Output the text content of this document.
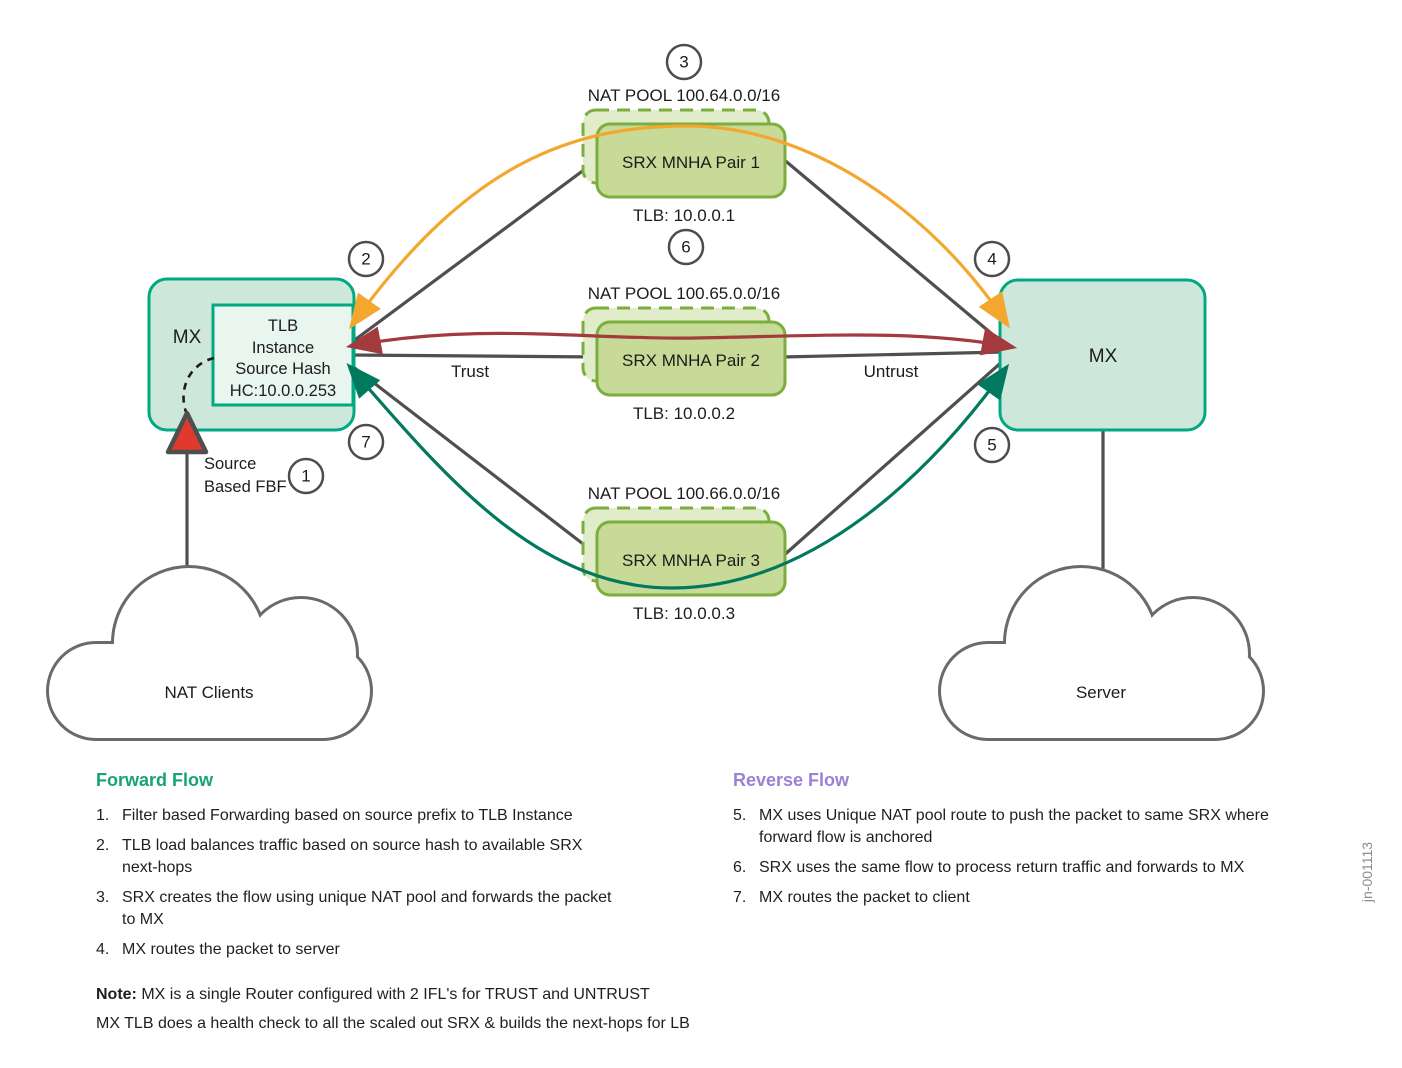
MX
TLB
Instance
Source Hash
HC:10.0.0.253
MX
NAT Clients	Server
NAT POOL 100.64.0.0/16
SRX MNHA Pair 1
TLB: 10.0.0.1
NAT POOL 100.65.0.0/16
SRX MNHA Pair 2
TLB: 10.0.0.2
NAT POOL 100.66.0.0/16
SRX MNHA Pair 3
TLB: 10.0.0.3
1
2
3
4
5
6
7
Trust	Untrust
Source
Based FBF
Forward Flow
1. Filter based Forwarding based on source prefix to TLB Instance
2. TLB load balances traffic based on source hash to available SRX next-hops
3. SRX creates the flow using unique NAT pool and forwards the packet to MX
4. MX routes the packet to server
Reverse Flow
5. MX uses Unique NAT pool route to push the packet to same SRX where forward flow is anchored
6. SRX uses the same flow to process return traffic and forwards to MX
7. MX routes the packet to client
Note: MX is a single Router configured with 2 IFL's for TRUST and UNTRUST
MX TLB does a health check to all the scaled out SRX & builds the next-hops for LB
jn-001113
